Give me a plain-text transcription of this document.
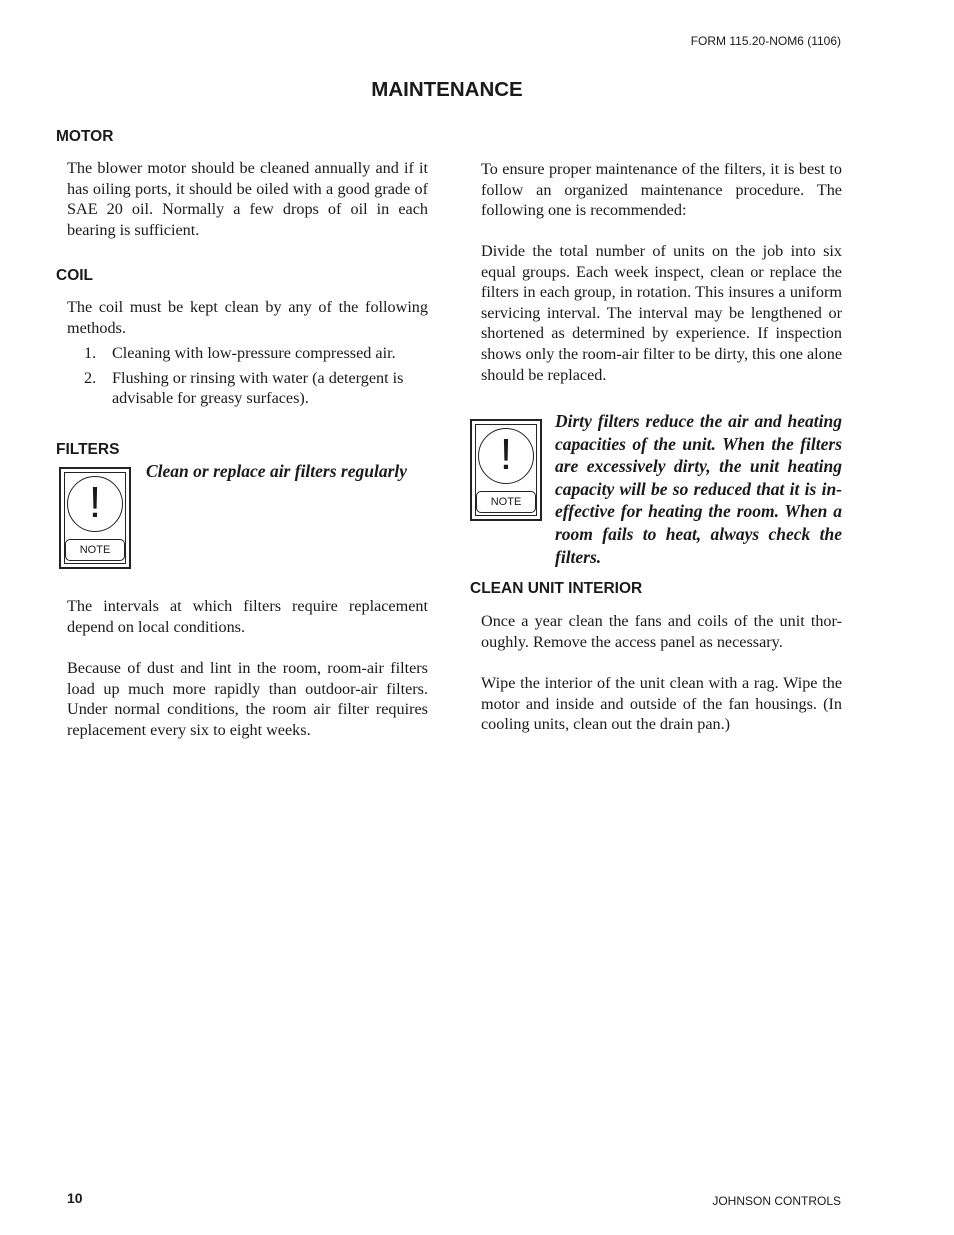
FORM 115.20-NOM6 (1106)
MAINTENANCE
MOTOR
The blower motor should be cleaned annually and if it has oiling ports, it should be oiled with a good grade of SAE 20 oil. Normally a few drops of oil in each bearing is sufficient.
COIL
The coil must be kept clean by any of the following methods.
1. Cleaning with low-pressure compressed air.
2. Flushing or rinsing with water (a detergent is advisable for greasy surfaces).
FILTERS
!
NOTE
Clean or replace air filters regularly
The intervals at which filters require replacement depend on local conditions.
Because of dust and lint in the room, room-air filters load up much more rapidly than outdoor-air filters. Under normal conditions, the room air filter requires replacement every six to eight weeks.
To ensure proper maintenance of the filters, it is best to follow an organized maintenance procedure. The following one is recommended:
Divide the total number of units on the job into six equal groups. Each week inspect, clean or replace the filters in each group, in rotation. This insures a uniform servicing interval. The interval may be lengthened or shortened as determined by experience. If inspection shows only the room-air filter to be dirty, this one alone should be replaced.
!
NOTE
Dirty filters reduce the air and heating capacities of the unit. When the filters are excessively dirty, the unit heating capacity will be so reduced that it is in-effective for heating the room. When a room fails to heat, always check the filters.
CLEAN UNIT INTERIOR
Once a year clean the fans and coils of the unit thor-oughly. Remove the access panel as necessary.
Wipe the interior of the unit clean with a rag. Wipe the motor and inside and outside of the fan housings. (In cooling units, clean out the drain pan.)
10	JOHNSON CONTROLS
